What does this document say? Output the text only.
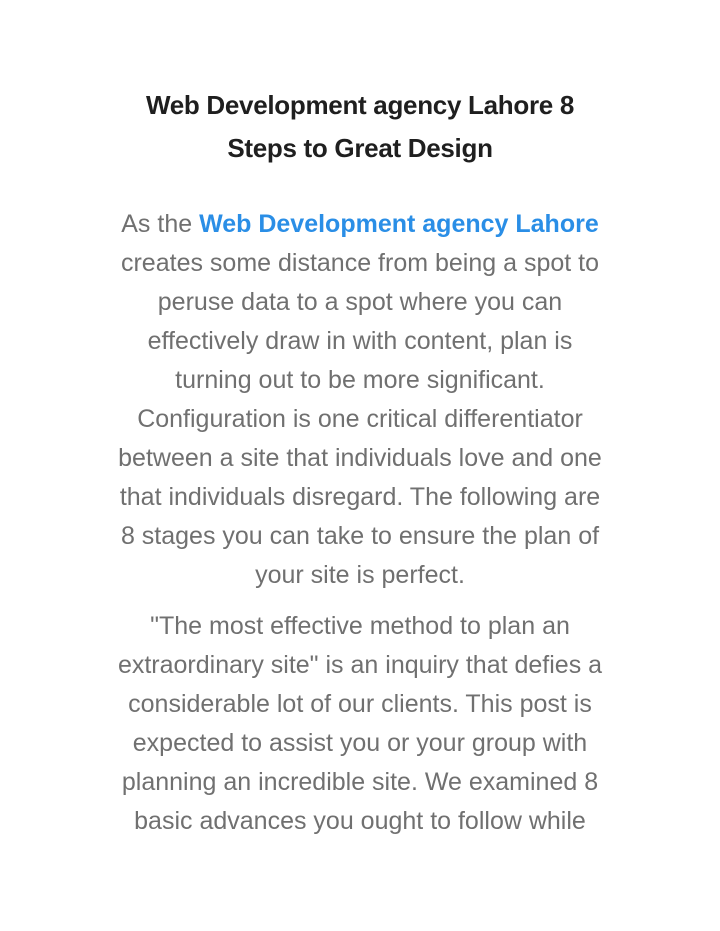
Web Development agency Lahore 8
Steps to Great Design

As the Web Development agency Lahore
creates some distance from being a spot to
peruse data to a spot where you can
effectively draw in with content, plan is
turning out to be more significant.
Configuration is one critical differentiator
between a site that individuals love and one
that individuals disregard. The following are
8 stages you can take to ensure the plan of
your site is perfect.

"The most effective method to plan an
extraordinary site" is an inquiry that defies a
considerable lot of our clients. This post is
expected to assist you or your group with
planning an incredible site. We examined 8
basic advances you ought to follow while
